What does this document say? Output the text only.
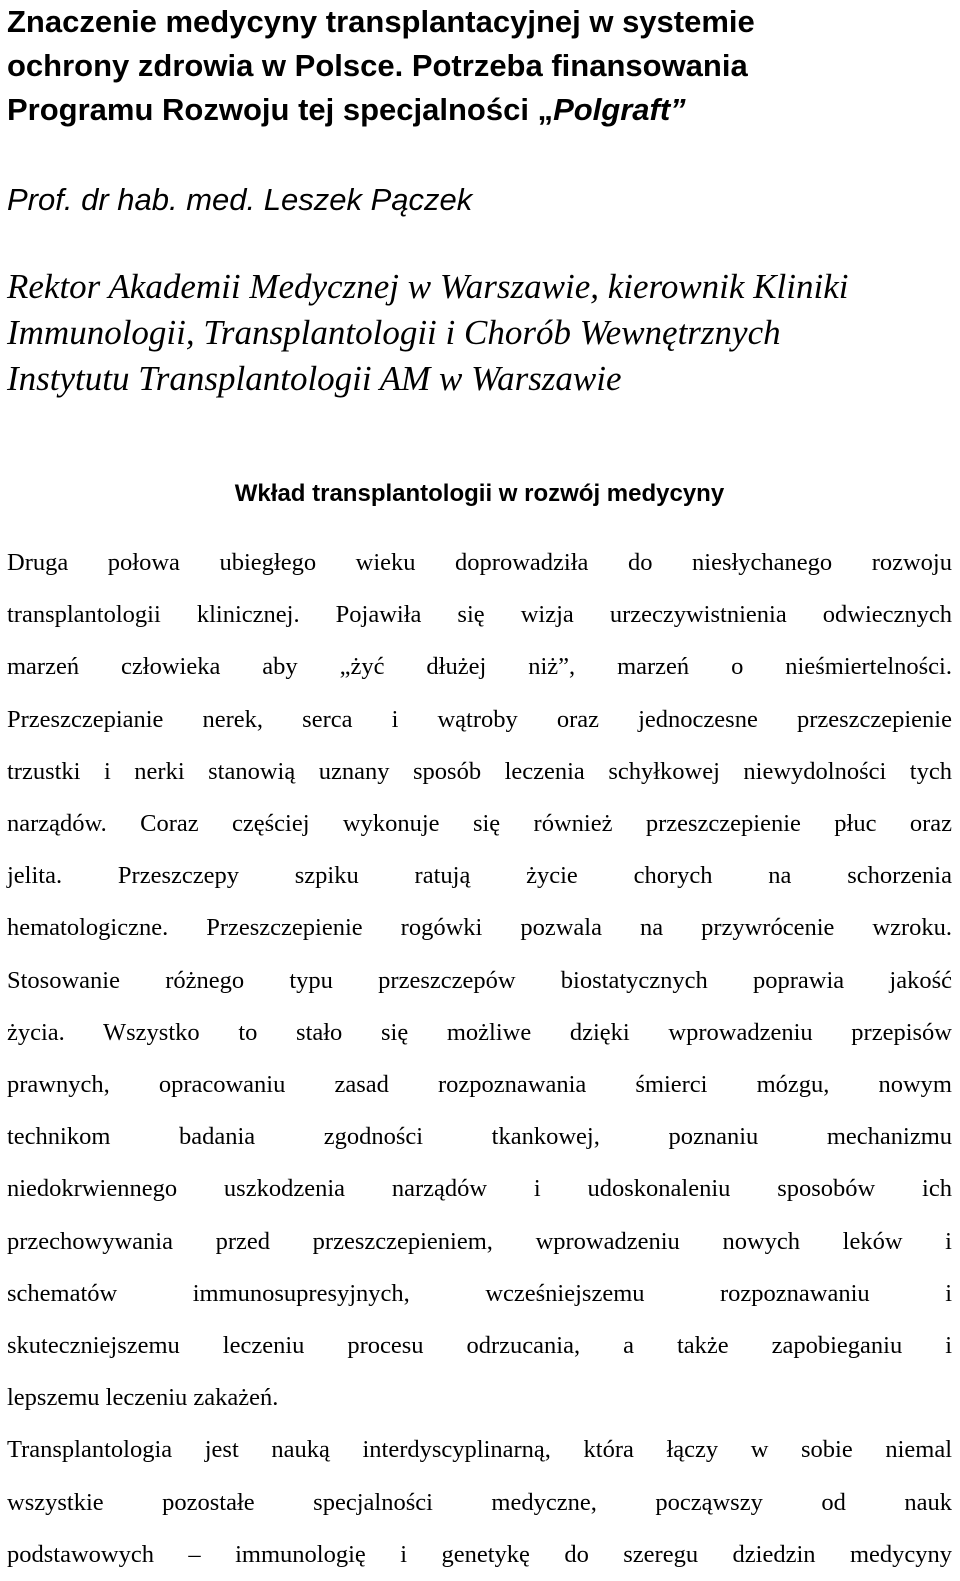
Znaczenie medycyny transplantacyjnej w systemie
ochrony zdrowia w Polsce. Potrzeba finansowania
Programu Rozwoju tej specjalności „Polgraft”

Prof. dr hab. med. Leszek Pączek

Rektor Akademii Medycznej w Warszawie, kierownik Kliniki
Immunologii, Transplantologii i Chorób Wewnętrznych
Instytutu Transplantologii AM w Warszawie

Wkład transplantologii w rozwój medycyny
Druga połowa ubiegłego wieku doprowadziła do niesłychanego rozwoju
transplantologii klinicznej. Pojawiła się wizja urzeczywistnienia odwiecznych
marzeń człowieka aby „żyć dłużej niż”, marzeń o nieśmiertelności.
Przeszczepianie nerek, serca i wątroby oraz jednoczesne przeszczepienie
trzustki i nerki stanowią uznany sposób leczenia schyłkowej niewydolności tych
narządów. Coraz częściej wykonuje się również przeszczepienie płuc oraz
jelita. Przeszczepy szpiku ratują życie chorych na schorzenia
hematologiczne. Przeszczepienie rogówki pozwala na przywrócenie wzroku.
Stosowanie różnego typu przeszczepów biostatycznych poprawia jakość
życia. Wszystko to stało się możliwe dzięki wprowadzeniu przepisów
prawnych, opracowaniu zasad rozpoznawania śmierci mózgu, nowym
technikom badania zgodności tkankowej, poznaniu mechanizmu
niedokrwiennego uszkodzenia narządów i udoskonaleniu sposobów ich
przechowywania przed przeszczepieniem, wprowadzeniu nowych leków i
schematów immunosupresyjnych, wcześniejszemu rozpoznawaniu i
skuteczniejszemu leczeniu procesu odrzucania, a także zapobieganiu i
lepszemu leczeniu zakażeń.
Transplantologia jest nauką interdyscyplinarną, która łączy w sobie niemal
wszystkie pozostałe specjalności medyczne, począwszy od nauk
podstawowych – immunologię i genetykę do szeregu dziedzin medycyny
